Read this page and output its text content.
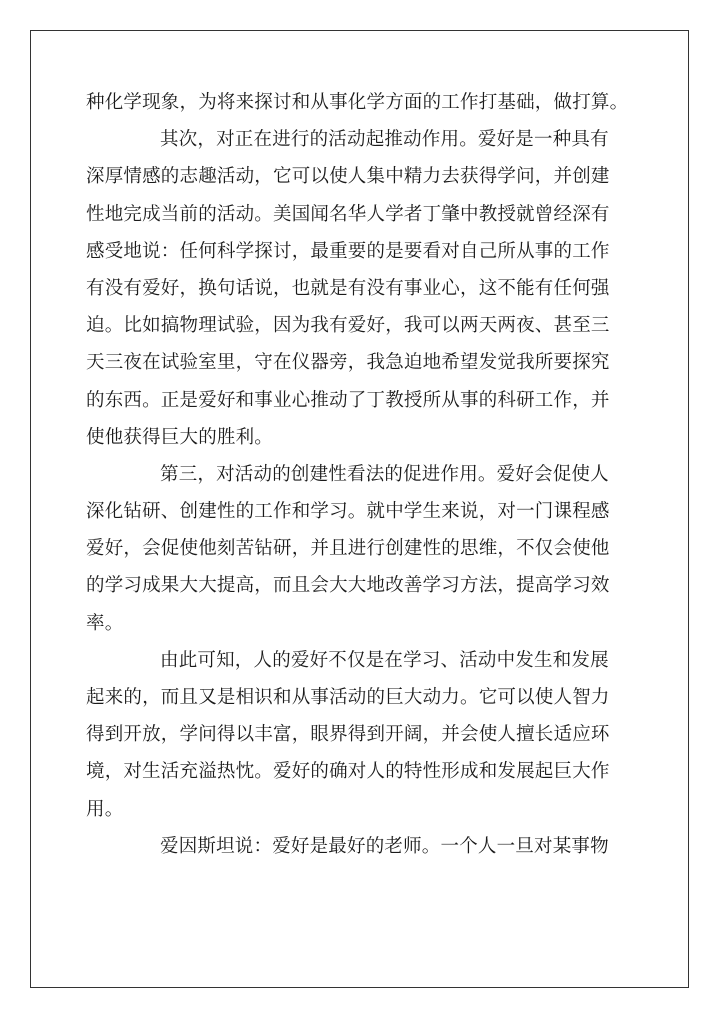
种化学现象，为将来探讨和从事化学方面的工作打基础，做打算。
其次，对正在进行的活动起推动作用。爱好是一种具有
深厚情感的志趣活动，它可以使人集中精力去获得学问，并创建
性地完成当前的活动。美国闻名华人学者丁肇中教授就曾经深有
感受地说：任何科学探讨，最重要的是要看对自己所从事的工作
有没有爱好，换句话说，也就是有没有事业心，这不能有任何强
迫。比如搞物理试验，因为我有爱好，我可以两天两夜、甚至三
天三夜在试验室里，守在仪器旁，我急迫地希望发觉我所要探究
的东西。正是爱好和事业心推动了丁教授所从事的科研工作，并
使他获得巨大的胜利。
第三，对活动的创建性看法的促进作用。爱好会促使人
深化钻研、创建性的工作和学习。就中学生来说，对一门课程感
爱好，会促使他刻苦钻研，并且进行创建性的思维，不仅会使他
的学习成果大大提高，而且会大大地改善学习方法，提高学习效
率。
由此可知，人的爱好不仅是在学习、活动中发生和发展
起来的，而且又是相识和从事活动的巨大动力。它可以使人智力
得到开放，学问得以丰富，眼界得到开阔，并会使人擅长适应环
境，对生活充溢热忱。爱好的确对人的特性形成和发展起巨大作
用。
爱因斯坦说：爱好是最好的老师。一个人一旦对某事物
